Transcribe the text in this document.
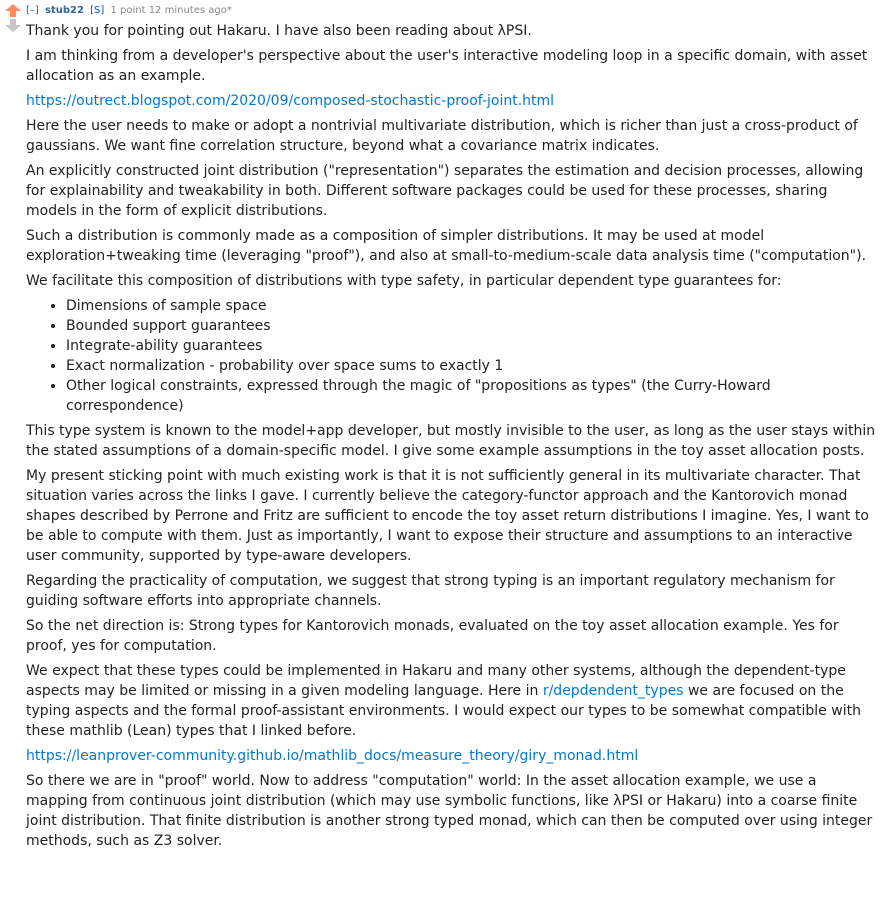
[–] stub22 [S] 1 point 12 minutes ago*

Thank you for pointing out Hakaru. I have also been reading about λPSI.

I am thinking from a developer's perspective about the user's interactive modeling loop in a specific domain, with asset allocation as an example.

https://outrect.blogspot.com/2020/09/composed-stochastic-proof-joint.html

Here the user needs to make or adopt a nontrivial multivariate distribution, which is richer than just a cross-product of gaussians. We want fine correlation structure, beyond what a covariance matrix indicates.

An explicitly constructed joint distribution ("representation") separates the estimation and decision processes, allowing for explainability and tweakability in both. Different software packages could be used for these processes, sharing models in the form of explicit distributions.

Such a distribution is commonly made as a composition of simpler distributions. It may be used at model exploration+tweaking time (leveraging "proof"), and also at small-to-medium-scale data analysis time ("computation").

We facilitate this composition of distributions with type safety, in particular dependent type guarantees for:

• Dimensions of sample space
• Bounded support guarantees
• Integrate-ability guarantees
• Exact normalization - probability over space sums to exactly 1
• Other logical constraints, expressed through the magic of "propositions as types" (the Curry-Howard correspondence)

This type system is known to the model+app developer, but mostly invisible to the user, as long as the user stays within the stated assumptions of a domain-specific model. I give some example assumptions in the toy asset allocation posts.

My present sticking point with much existing work is that it is not sufficiently general in its multivariate character. That situation varies across the links I gave. I currently believe the category-functor approach and the Kantorovich monad shapes described by Perrone and Fritz are sufficient to encode the toy asset return distributions I imagine. Yes, I want to be able to compute with them. Just as importantly, I want to expose their structure and assumptions to an interactive user community, supported by type-aware developers.

Regarding the practicality of computation, we suggest that strong typing is an important regulatory mechanism for guiding software efforts into appropriate channels.

So the net direction is: Strong types for Kantorovich monads, evaluated on the toy asset allocation example. Yes for proof, yes for computation.

We expect that these types could be implemented in Hakaru and many other systems, although the dependent-type aspects may be limited or missing in a given modeling language. Here in r/depdendent_types we are focused on the typing aspects and the formal proof-assistant environments. I would expect our types to be somewhat compatible with these mathlib (Lean) types that I linked before.

https://leanprover-community.github.io/mathlib_docs/measure_theory/giry_monad.html

So there we are in "proof" world. Now to address "computation" world: In the asset allocation example, we use a mapping from continuous joint distribution (which may use symbolic functions, like λPSI or Hakaru) into a coarse finite joint distribution. That finite distribution is another strong typed monad, which can then be computed over using integer methods, such as Z3 solver.
